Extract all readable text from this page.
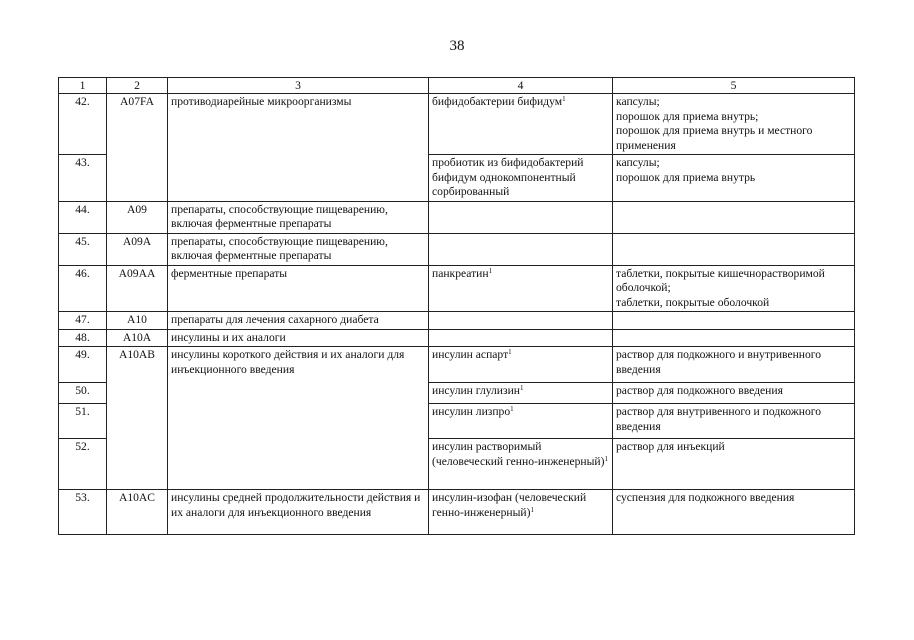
38
1	2	3	4	5
42.	A07FA	противодиарейные микроорганизмы	бифидобактерии бифидум$^1$	капсулы;
порошок для приема внутрь;
порошок для приема внутрь и местного применения
43.			пробиотик из бифидобактерий бифидум однокомпонентный сорбированный	капсулы;
порошок для приема внутрь
44.	A09	препараты, способствующие пищеварению, включая ферментные препараты		
45.	A09A	препараты, способствующие пищеварению, включая ферментные препараты		
46.	A09AA	ферментные препараты	панкреатин$^1$	таблетки, покрытые кишечнорастворимой оболочкой;
таблетки, покрытые оболочкой
47.	A10	препараты для лечения сахарного диабета		
48.	A10A	инсулины и их аналоги		
49.	A10AB	инсулины короткого действия и их аналоги для инъекционного введения	инсулин аспарт$^1$	раствор для подкожного и внутривенного введения
50.			инсулин глулизин$^1$	раствор для подкожного введения
51.			инсулин лизпро$^1$	раствор для внутривенного и подкожного введения
52.			инсулин растворимый (человеческий генно-инженерный)$^1$	раствор для инъекций
53.	A10AC	инсулины средней продолжительности действия и их аналоги для инъекционного введения	инсулин-изофан (человеческий генно-инженерный)$^1$	суспензия для подкожного введения
